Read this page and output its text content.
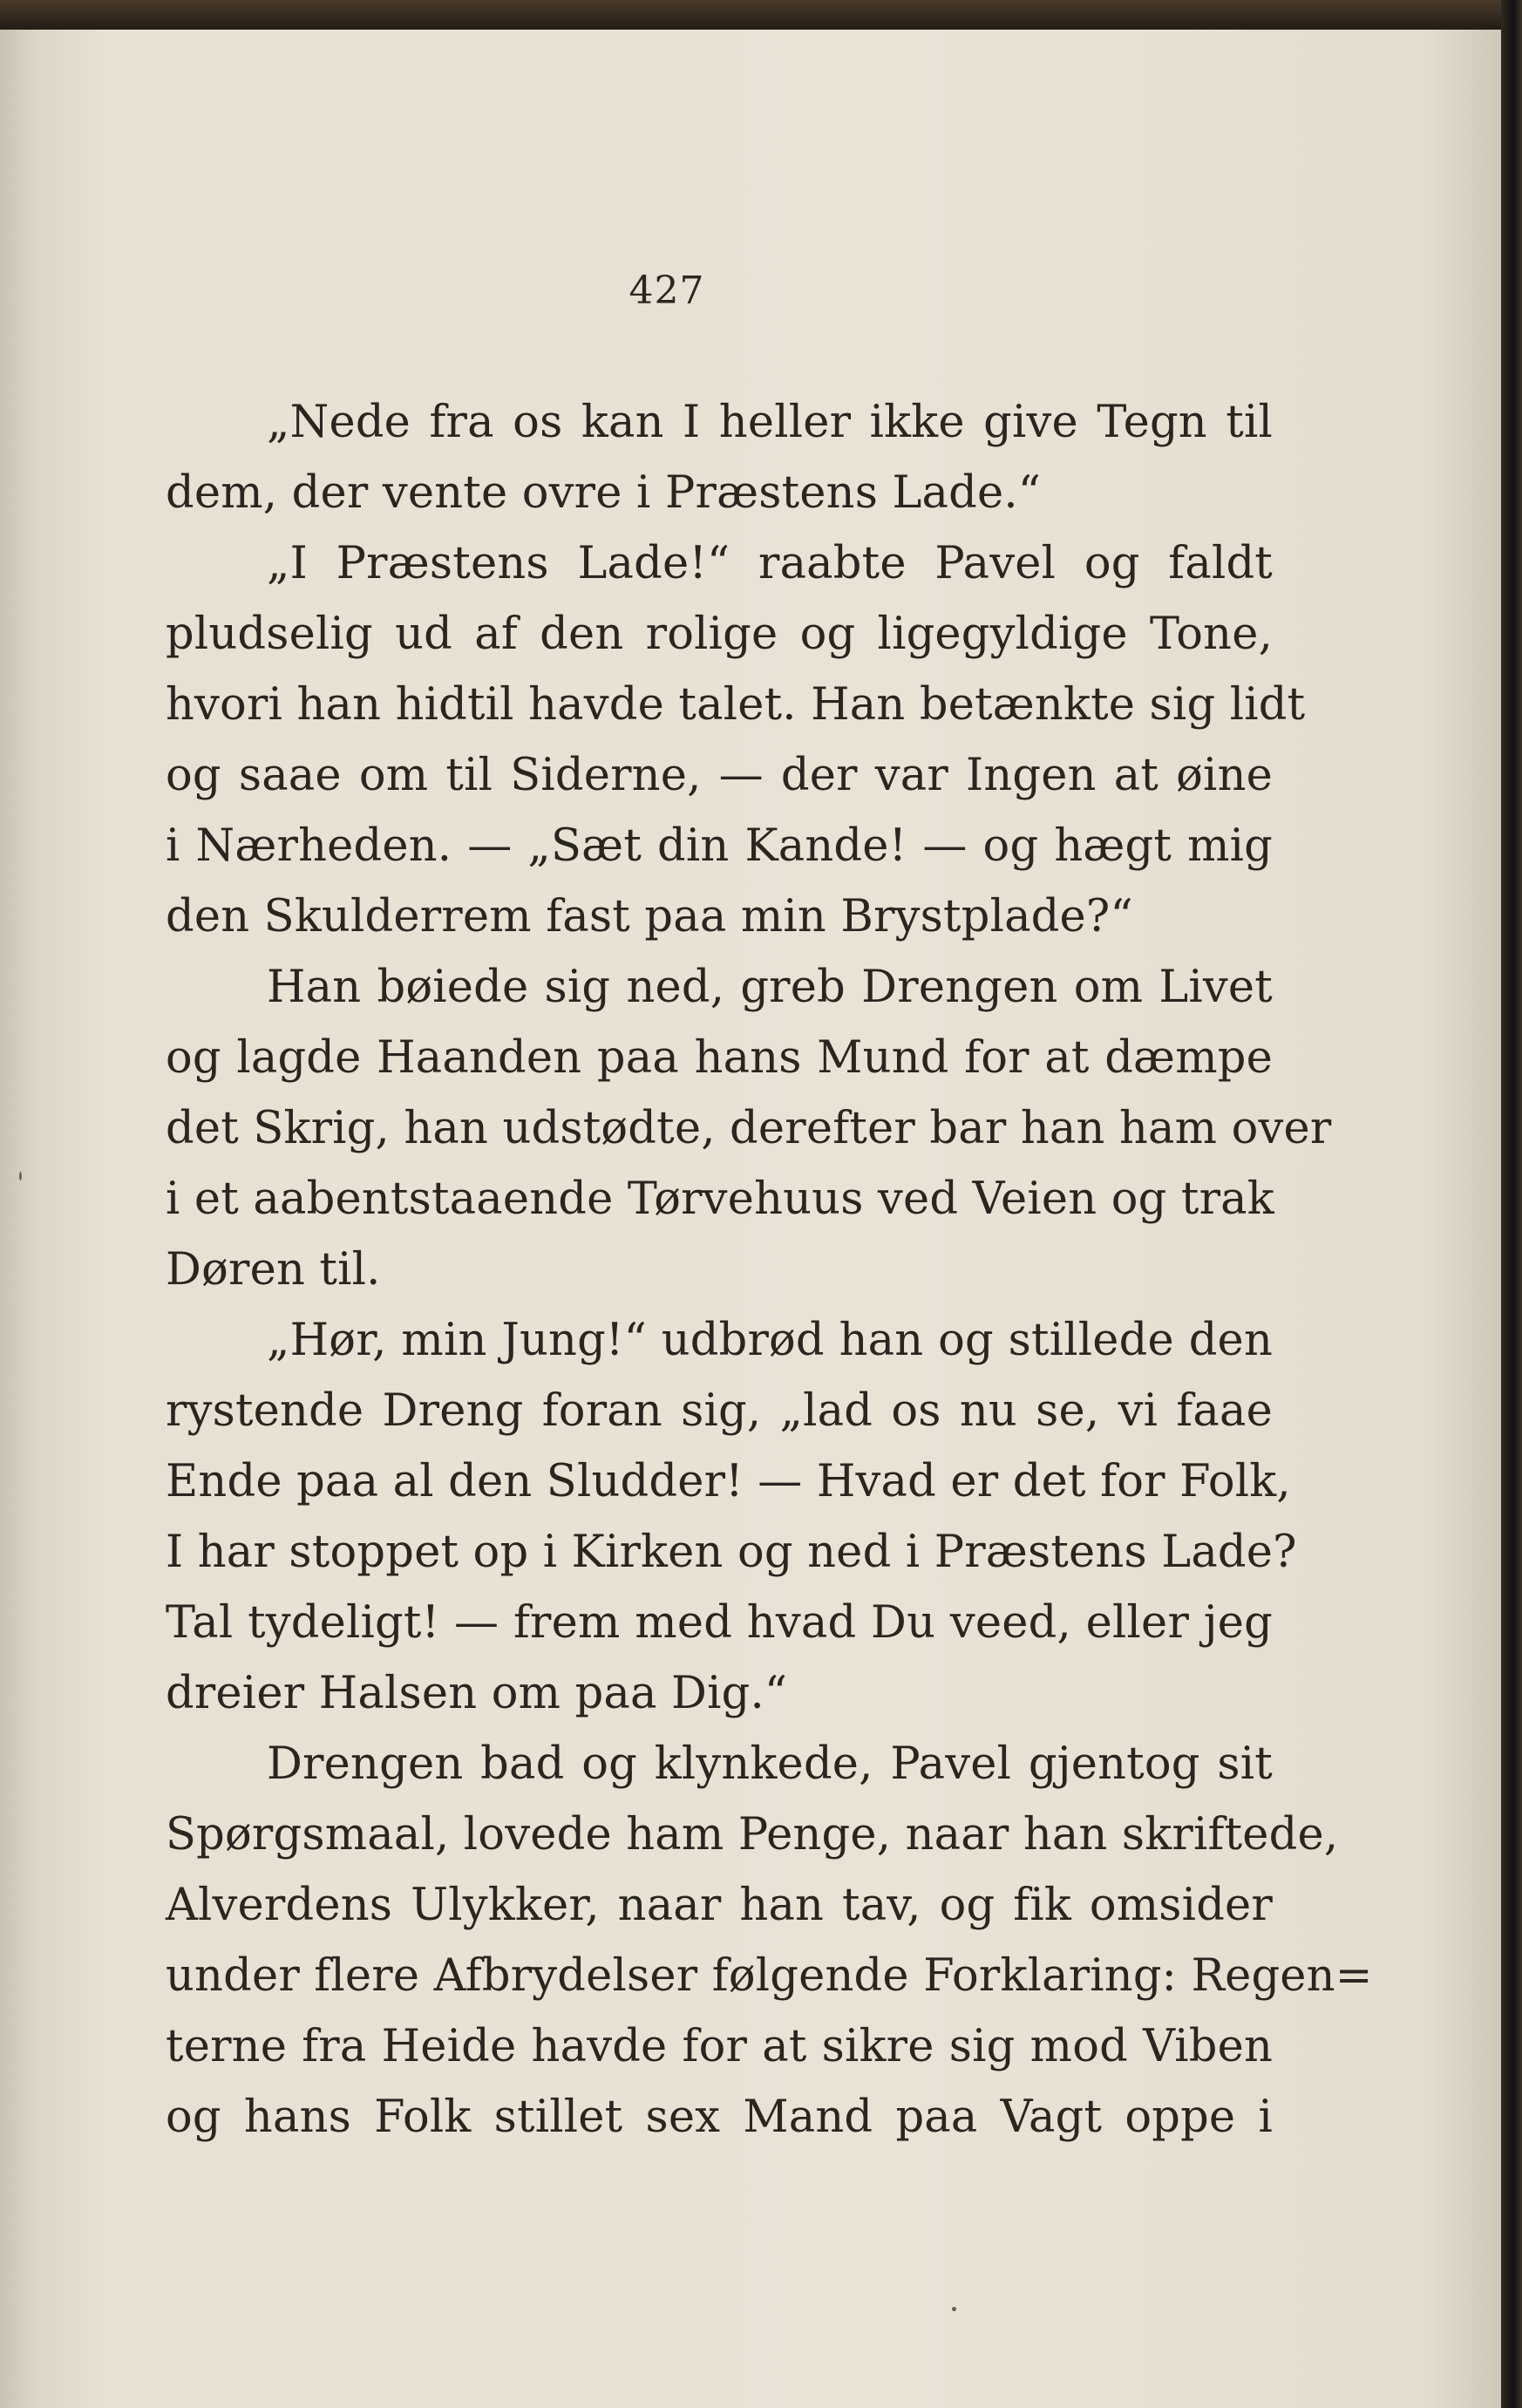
427
„Nede fra os kan I heller ikke give Tegn til
dem, der vente ovre i Præstens Lade.“
„I Præstens Lade!“ raabte Pavel og faldt
pludselig ud af den rolige og ligegyldige Tone,
hvori han hidtil havde talet. Han betænkte sig lidt
og saae om til Siderne, — der var Ingen at øine
i Nærheden. — „Sæt din Kande! — og hægt mig
den Skulderrem fast paa min Brystplade?“
Han bøiede sig ned, greb Drengen om Livet
og lagde Haanden paa hans Mund for at dæmpe
det Skrig, han udstødte, derefter bar han ham over
i et aabentstaaende Tørvehuus ved Veien og trak
Døren til.
„Hør, min Jung!“ udbrød han og stillede den
rystende Dreng foran sig, „lad os nu se, vi faae
Ende paa al den Sludder! — Hvad er det for Folk,
I har stoppet op i Kirken og ned i Præstens Lade?
Tal tydeligt! — frem med hvad Du veed, eller jeg
dreier Halsen om paa Dig.“
Drengen bad og klynkede, Pavel gjentog sit
Spørgsmaal, lovede ham Penge, naar han skriftede,
Alverdens Ulykker, naar han tav, og fik omsider
under flere Afbrydelser følgende Forklaring: Regen=
terne fra Heide havde for at sikre sig mod Viben
og hans Folk stillet sex Mand paa Vagt oppe i
